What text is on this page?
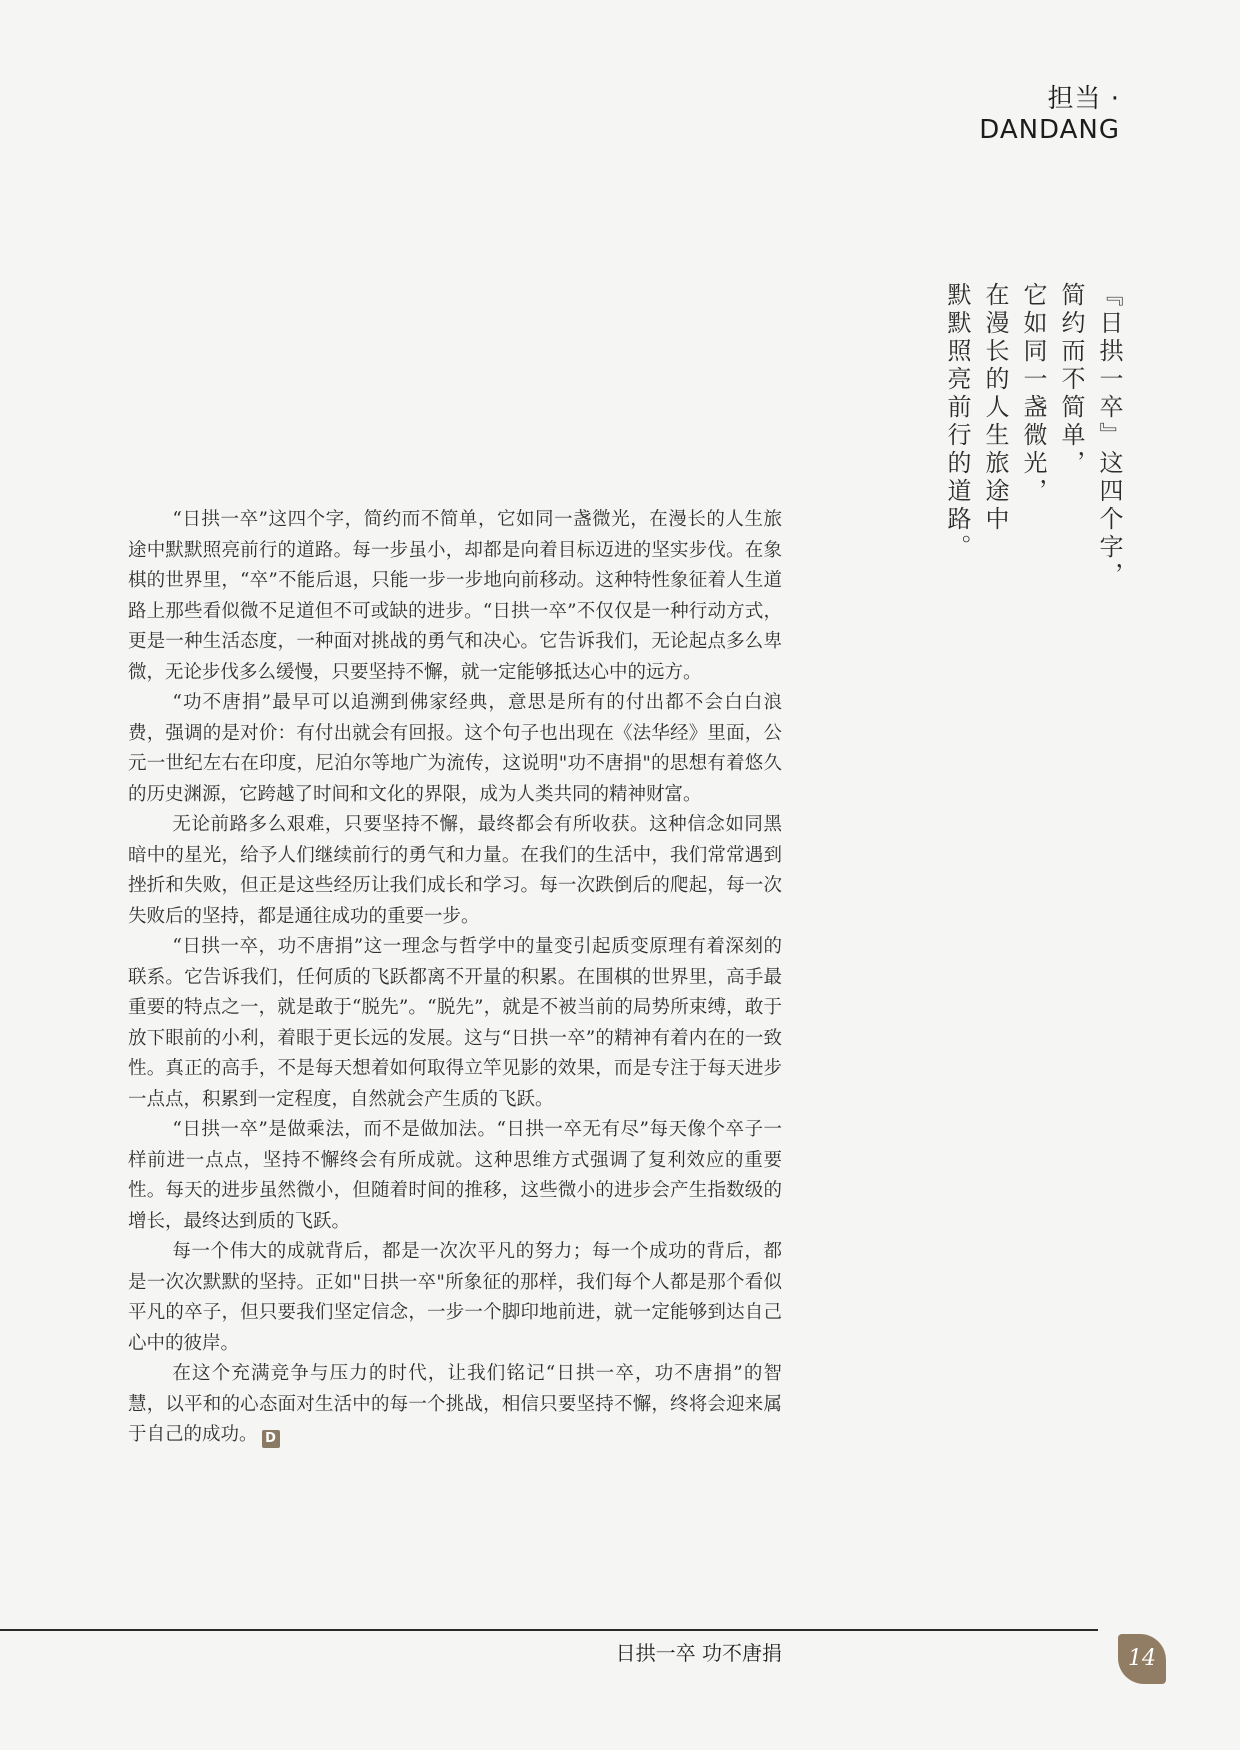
担当 · DANDANG
『日拱一卒』这四个字，
简约而不简单，
它如同一盏微光，
在漫长的人生旅途中
默默照亮前行的道路。

“日拱一卒”这四个字，简约而不简单，它如同一盏微光，在漫长的人生旅途中默默照亮前行的道路。每一步虽小，却都是向着目标迈进的坚实步伐。在象棋的世界里，“卒”不能后退，只能一步一步地向前移动。这种特性象征着人生道路上那些看似微不足道但不可或缺的进步。“日拱一卒”不仅仅是一种行动方式，更是一种生活态度，一种面对挑战的勇气和决心。它告诉我们，无论起点多么卑微，无论步伐多么缓慢，只要坚持不懈，就一定能够抵达心中的远方。

“功不唐捐”最早可以追溯到佛家经典，意思是所有的付出都不会白白浪费，强调的是对价：有付出就会有回报。这个句子也出现在《法华经》里面，公元一世纪左右在印度，尼泊尔等地广为流传，这说明"功不唐捐"的思想有着悠久的历史渊源，它跨越了时间和文化的界限，成为人类共同的精神财富。

无论前路多么艰难，只要坚持不懈，最终都会有所收获。这种信念如同黑暗中的星光，给予人们继续前行的勇气和力量。在我们的生活中，我们常常遇到挫折和失败，但正是这些经历让我们成长和学习。每一次跌倒后的爬起，每一次失败后的坚持，都是通往成功的重要一步。

“日拱一卒，功不唐捐”这一理念与哲学中的量变引起质变原理有着深刻的联系。它告诉我们，任何质的飞跃都离不开量的积累。在围棋的世界里，高手最重要的特点之一，就是敢于“脱先”。“脱先”，就是不被当前的局势所束缚，敢于放下眼前的小利，着眼于更长远的发展。这与“日拱一卒”的精神有着内在的一致性。真正的高手，不是每天想着如何取得立竿见影的效果，而是专注于每天进步一点点，积累到一定程度，自然就会产生质的飞跃。

“日拱一卒”是做乘法，而不是做加法。“日拱一卒无有尽”每天像个卒子一样前进一点点，坚持不懈终会有所成就。这种思维方式强调了复利效应的重要性。每天的进步虽然微小，但随着时间的推移，这些微小的进步会产生指数级的增长，最终达到质的飞跃。

每一个伟大的成就背后，都是一次次平凡的努力；每一个成功的背后，都是一次次默默的坚持。正如"日拱一卒"所象征的那样，我们每个人都是那个看似平凡的卒子，但只要我们坚定信念，一步一个脚印地前进，就一定能够到达自己心中的彼岸。

在这个充满竞争与压力的时代，让我们铭记“日拱一卒，功不唐捐”的智慧，以平和的心态面对生活中的每一个挑战，相信只要坚持不懈，终将会迎来属于自己的成功。 D

日拱一卒 功不唐捐	14
